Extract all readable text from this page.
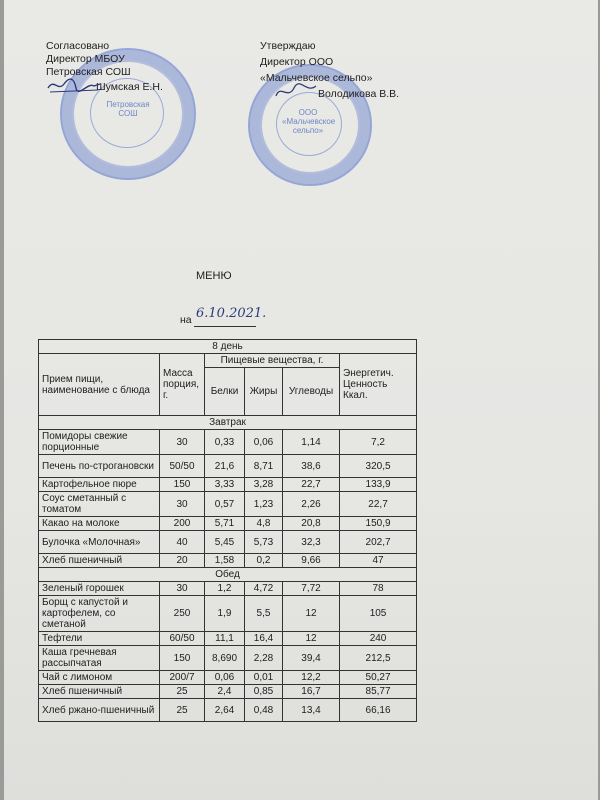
Петровская СОШ	ООО «Мальчевское сельпо»
Согласовано
Директор МБОУ
Петровская СОШ
Шумская Е.Н.
Утверждаю
Директор ООО
«Мальчевское сельпо»
Володикова В.В.
МЕНЮ
на 6.10.2021.
8 день					
Прием пищи, наименование с блюда	Масса порция, г.	Пищевые вещества, г.			Энергетич. Ценность Ккал.
		Белки	Жиры	Углеводы	
Завтрак					
Помидоры свежие порционные	30	0,33	0,06	1,14	7,2
Печень по-строгановски	50/50	21,6	8,71	38,6	320,5
Картофельное пюре	150	3,33	3,28	22,7	133,9
Соус сметанный с томатом	30	0,57	1,23	2,26	22,7
Какао на молоке	200	5,71	4,8	20,8	150,9
Булочка «Молочная»	40	5,45	5,73	32,3	202,7
Хлеб пшеничный	20	1,58	0,2	9,66	47
Обед					
Зеленый горошек	30	1,2	4,72	7,72	78
Борщ с капустой и картофелем, со сметаной	250	1,9	5,5	12	105
Тефтели	60/50	11,1	16,4	12	240
Каша гречневая рассыпчатая	150	8,690	2,28	39,4	212,5
Чай с лимоном	200/7	0,06	0,01	12,2	50,27
Хлеб пшеничный	25	2,4	0,85	16,7	85,77
Хлеб ржано-пшеничный	25	2,64	0,48	13,4	66,16
